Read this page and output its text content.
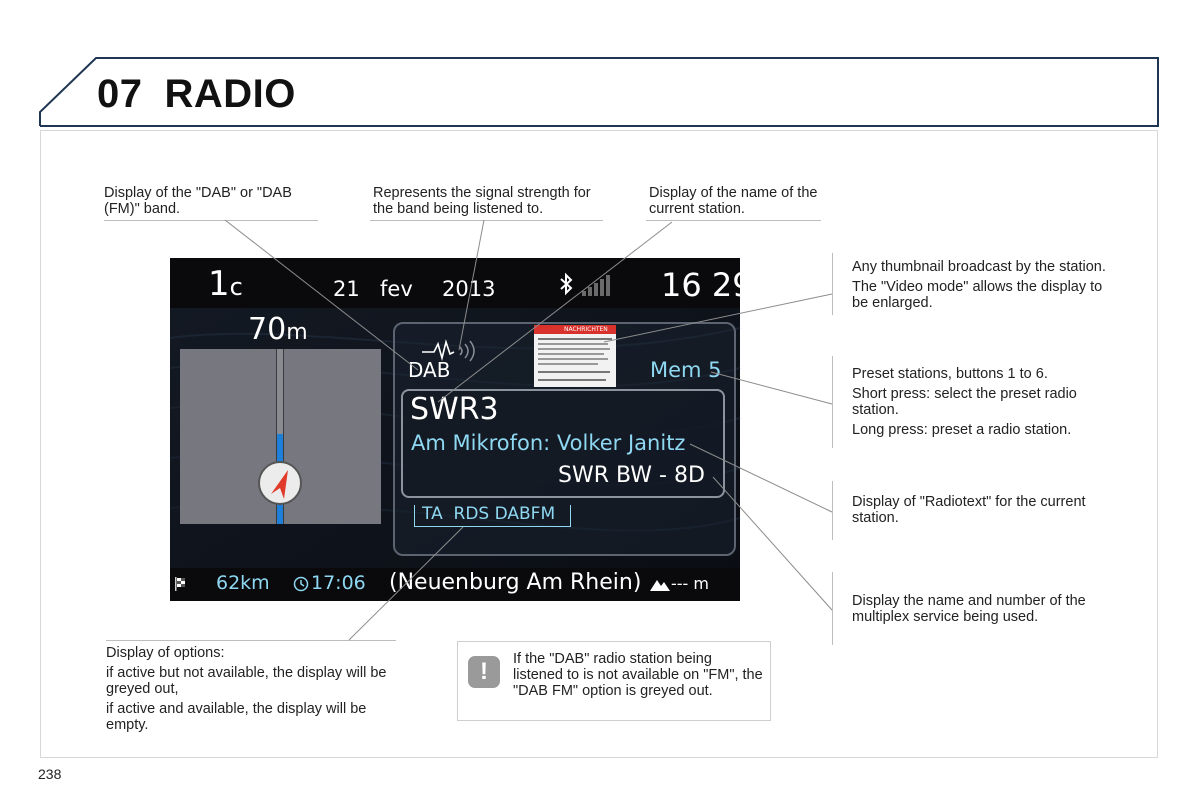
07 RADIO
Display of the "DAB" or "DAB (FM)" band.
Represents the signal strength for the band being listened to.
Display of the name of the current station.

Any thumbnail broadcast by the station.

The "Video mode" allows the display to be enlarged.

Preset stations, buttons 1 to 6.

Short press: select the preset radio station.

Long press: preset a radio station.

Display of "Radiotext" for the current station.
Display the name and number of the multiplex service being used.

Display of options:

if active but not available, the display will be greyed out,

if active and available, the display will be empty.

!	If the "DAB" radio station being listened to is not available on "FM", the "DAB FM" option is greyed out.
1c	21 fev 2013	16 29
70m
DAB
NACHRICHTEN
Mem 5
SWR3
Am Mikrofon: Volker Janitz
SWR BW - 8D
TA  RDS DABFM
62km 17:06 (Neuenburg Am Rhein) --- m
238
